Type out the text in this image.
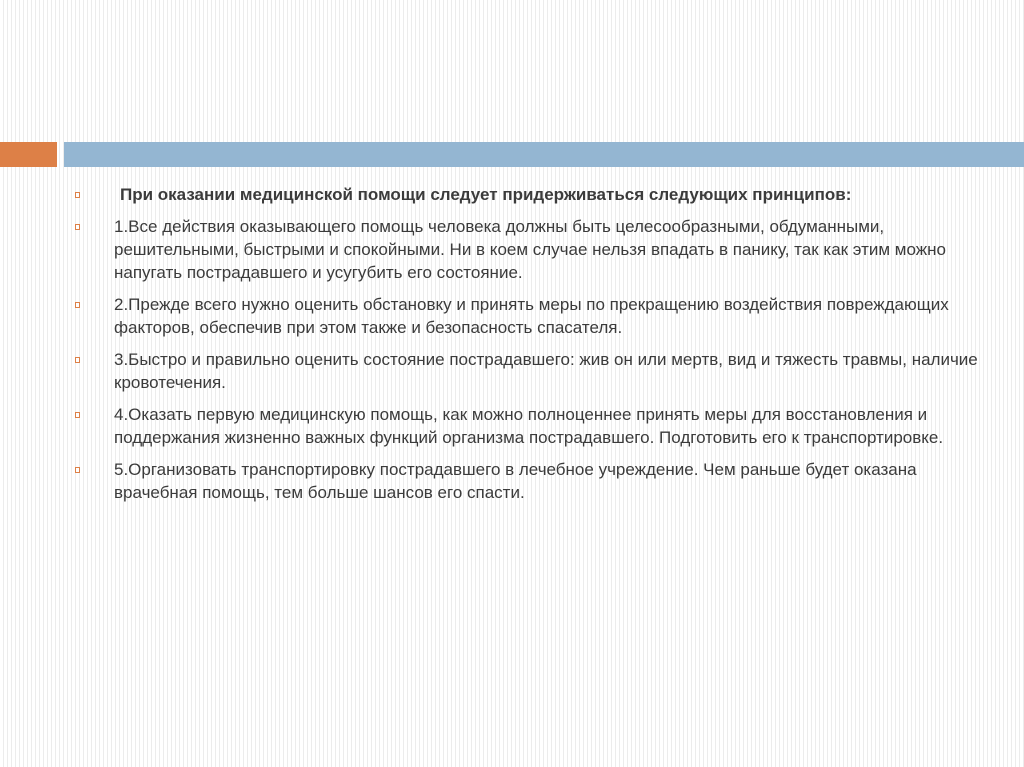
При оказании медицинской помощи следует придерживаться следующих принципов:
1.Все действия оказывающего помощь человека должны быть целесообразными, обдуманными, решительными, быстрыми и спокойными. Ни в коем случае нельзя впадать в панику, так как этим можно напугать пострадавшего и усугубить его состояние.
2.Прежде всего нужно оценить обстановку и принять меры по прекращению воздействия повреждающих факторов, обеспечив при этом также и безопасность спасателя.
3.Быстро и правильно оценить состояние пострадавшего: жив он или мертв, вид и тяжесть травмы, наличие кровотечения.
4.Оказать первую медицинскую помощь, как можно полноценнее принять меры для восстановления и поддержания жизненно важных функций организма пострадавшего. Подготовить его к транспортировке.
5.Организовать транспортировку пострадавшего в лечебное учреждение. Чем раньше будет оказана врачебная помощь, тем больше шансов его спасти.
